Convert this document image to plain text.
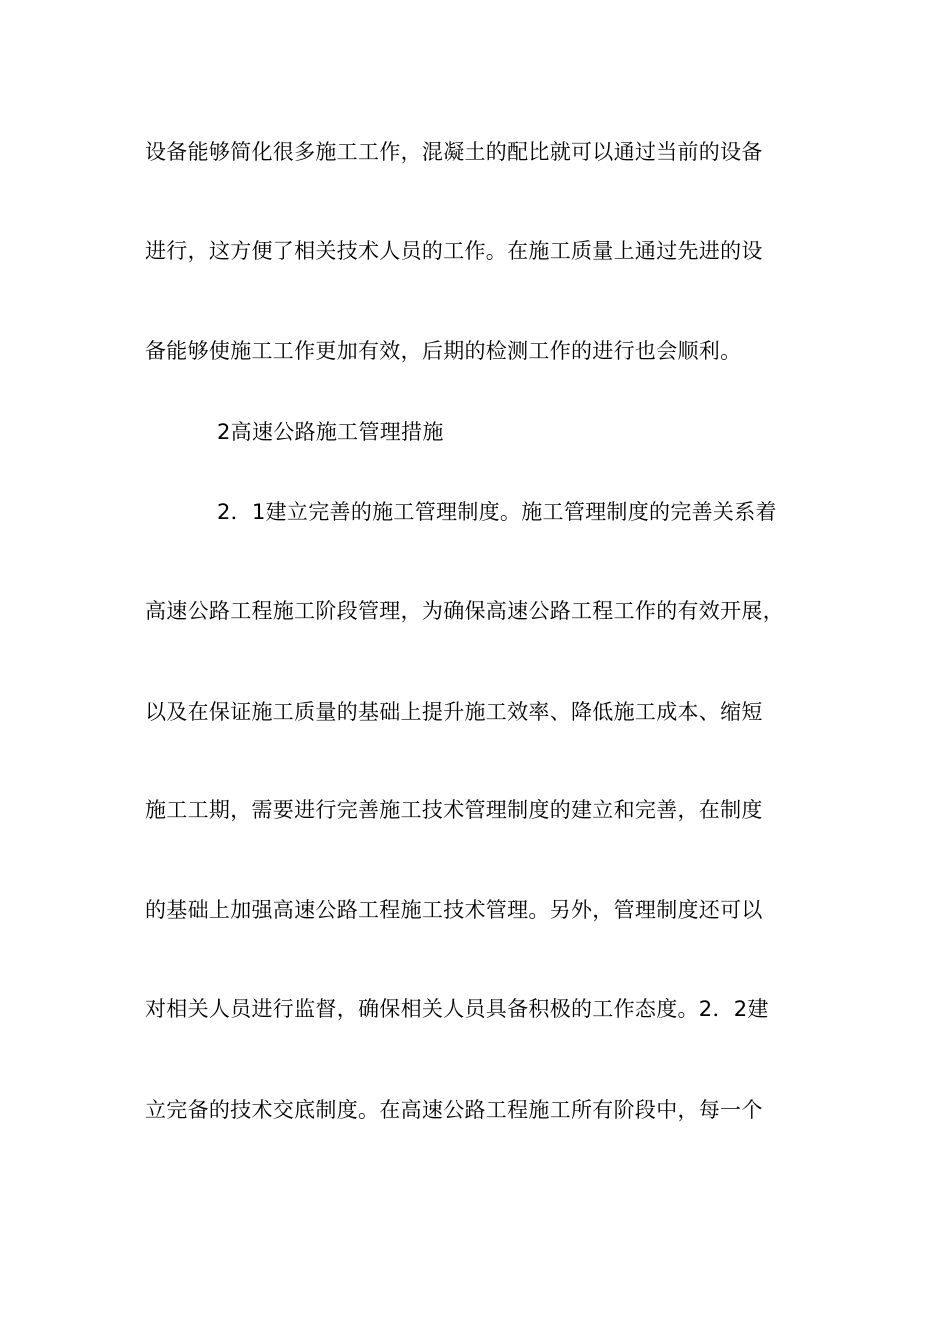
设备能够简化很多施工工作，混凝土的配比就可以通过当前的设备

进行，这方便了相关技术人员的工作。在施工质量上通过先进的设

备能够使施工工作更加有效，后期的检测工作的进行也会顺利。

2高速公路施工管理措施

2．1建立完善的施工管理制度。施工管理制度的完善关系着

高速公路工程施工阶段管理，为确保高速公路工程工作的有效开展，

以及在保证施工质量的基础上提升施工效率、降低施工成本、缩短

施工工期，需要进行完善施工技术管理制度的建立和完善，在制度

的基础上加强高速公路工程施工技术管理。另外，管理制度还可以

对相关人员进行监督，确保相关人员具备积极的工作态度。2．2建

立完备的技术交底制度。在高速公路工程施工所有阶段中，每一个
